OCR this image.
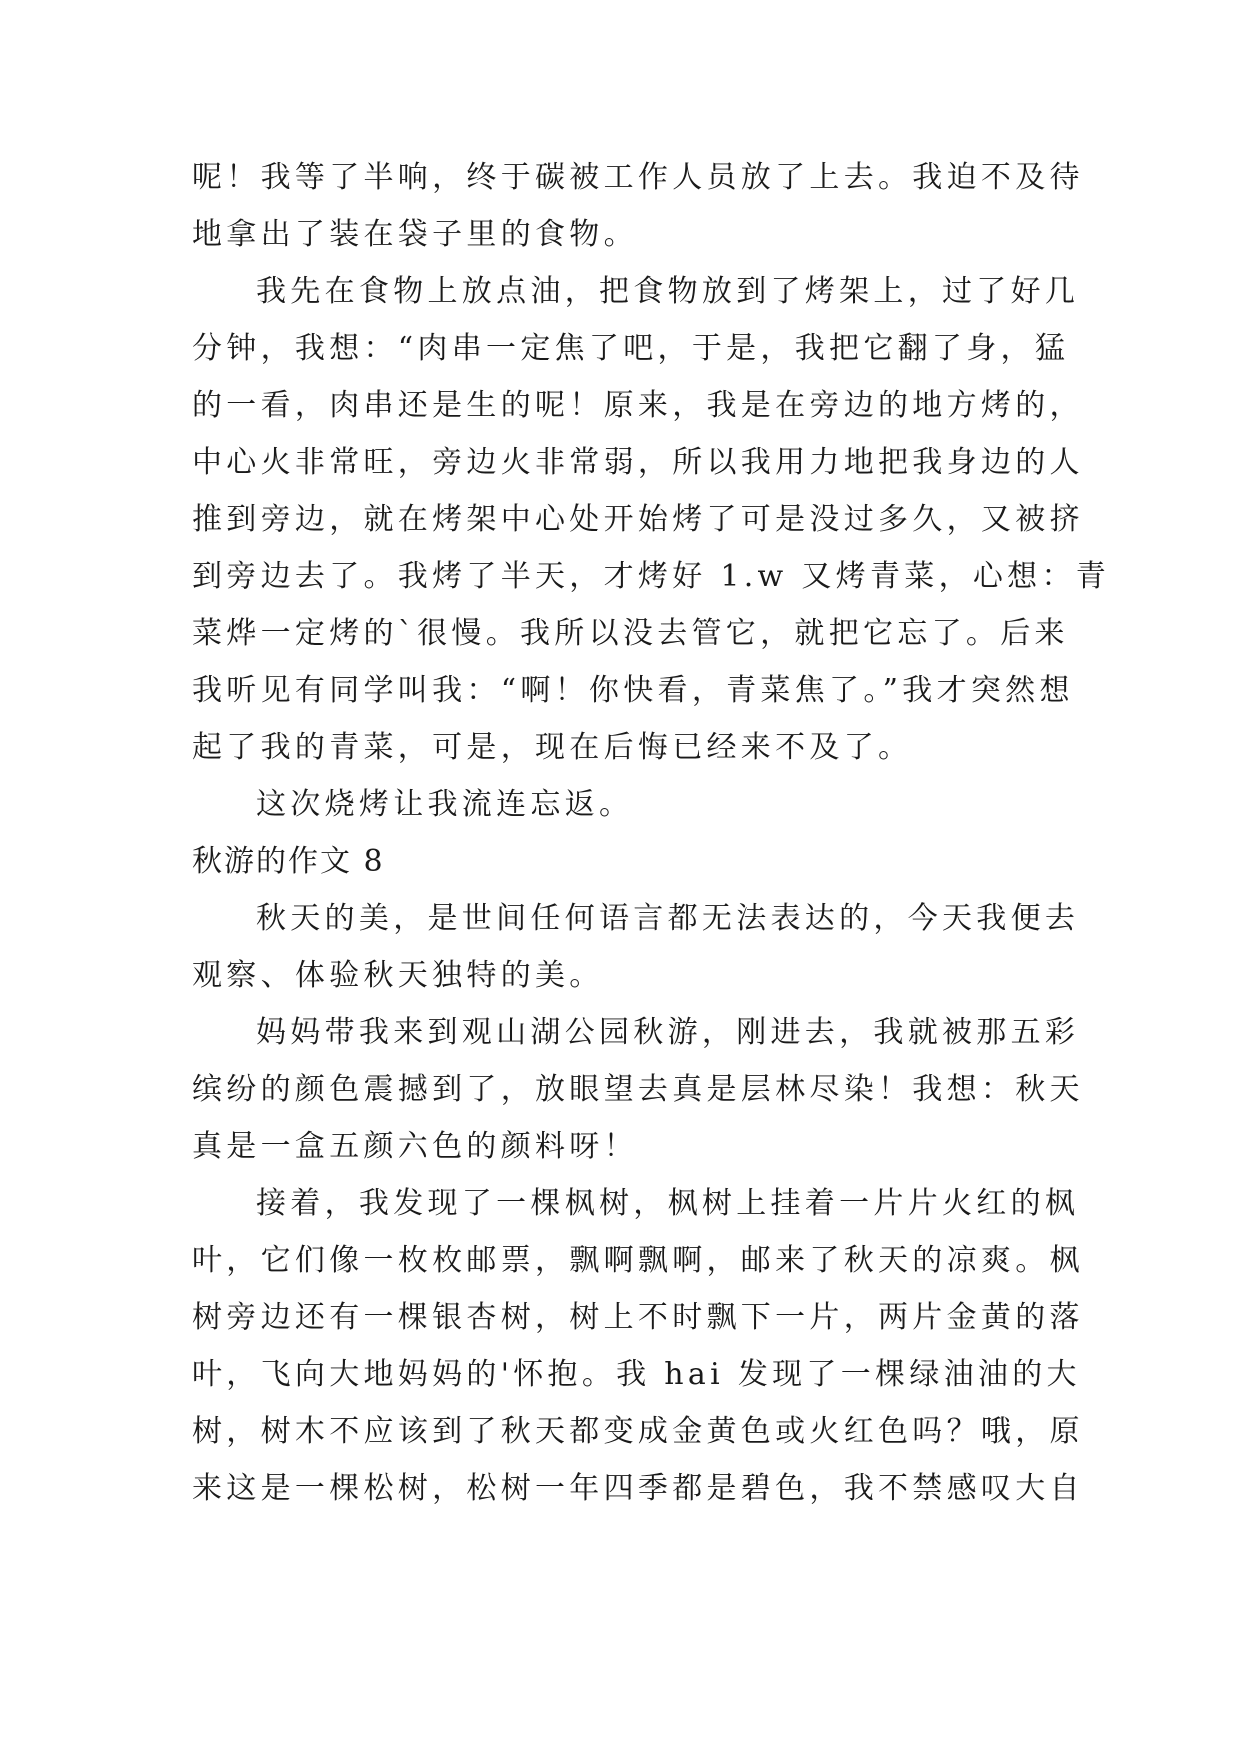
呢！我等了半响，终于碳被工作人员放了上去。我迫不及待
地拿出了装在袋子里的食物。
我先在食物上放点油，把食物放到了烤架上，过了好几
分钟，我想：“肉串一定焦了吧，于是，我把它翻了身，猛
的一看，肉串还是生的呢！原来，我是在旁边的地方烤的，
中心火非常旺，旁边火非常弱，所以我用力地把我身边的人
推到旁边，就在烤架中心处开始烤了可是没过多久，又被挤
到旁边去了。我烤了半天，才烤好 1.w 又烤青菜，心想：青
菜烨一定烤的`很慢。我所以没去管它，就把它忘了。后来
我听见有同学叫我：“啊！你快看，青菜焦了。”我才突然想
起了我的青菜，可是，现在后悔已经来不及了。
这次烧烤让我流连忘返。
秋游的作文 8
秋天的美，是世间任何语言都无法表达的，今天我便去
观察、体验秋天独特的美。
妈妈带我来到观山湖公园秋游，刚进去，我就被那五彩
缤纷的颜色震撼到了，放眼望去真是层林尽染！我想：秋天
真是一盒五颜六色的颜料呀！
接着，我发现了一棵枫树，枫树上挂着一片片火红的枫
叶，它们像一枚枚邮票，飘啊飘啊，邮来了秋天的凉爽。枫
树旁边还有一棵银杏树，树上不时飘下一片，两片金黄的落
叶，飞向大地妈妈的'怀抱。我 hai 发现了一棵绿油油的大
树，树木不应该到了秋天都变成金黄色或火红色吗？哦，原
来这是一棵松树，松树一年四季都是碧色，我不禁感叹大自
